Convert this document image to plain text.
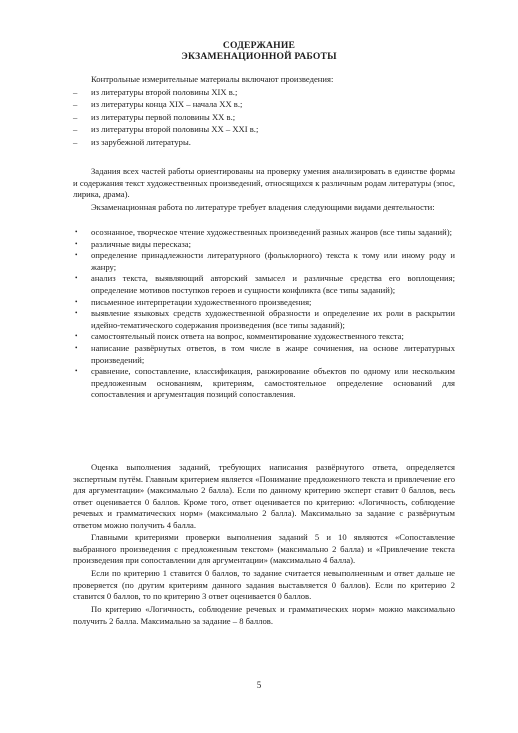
СОДЕРЖАНИЕ
ЭКЗАМЕНАЦИОННОЙ РАБОТЫ
Контрольные измерительные материалы включают произведения:
– из литературы второй половины XIX в.;
– из литературы конца XIX – начала XX в.;
– из литературы первой половины XX в.;
– из литературы второй половины XX – XXI в.;
– из зарубежной литературы.
Задания всех частей работы ориентированы на проверку умения анализировать в единстве формы и содержания текст художественных произведений, относящихся к различным родам литературы (эпос, лирика, драма).
Экзаменационная работа по литературе требует владения следующими видами деятельности:
• осознанное, творческое чтение художественных произведений разных жанров (все типы заданий);
• различные виды пересказа;
• определение принадлежности литературного (фольклорного) текста к тому или иному роду и жанру;
• анализ текста, выявляющий авторский замысел и различные средства его воплощения; определение мотивов поступков героев и сущности конфликта (все типы заданий);
• письменное интерпретации художественного произведения;
• выявление языковых средств художественной образности и определение их роли в раскрытии идейно-тематического содержания произведения (все типы заданий);
• самостоятельный поиск ответа на вопрос, комментирование художественного текста;
• написание развёрнутых ответов, в том числе в жанре сочинения, на основе литературных произведений;
• сравнение, сопоставление, классификация, ранжирование объектов по одному или нескольким предложенным основаниям, критериям, самостоятельное определение оснований для сопоставления и аргументация позиций сопоставления.
Оценка выполнения заданий, требующих написания развёрнутого ответа, определяется экспертным путём. Главным критерием является «Понимание предложенного текста и привлечение его для аргументации» (максимально 2 балла). Если по данному критерию эксперт ставит 0 баллов, весь ответ оценивается 0 баллов. Кроме того, ответ оценивается по критерию: «Логичность, соблюдение речевых и грамматических норм» (максимально 2 балла). Максимально за задание с развёрнутым ответом можно получить 4 балла.
Главными критериями проверки выполнения заданий 5 и 10 являются «Сопоставление выбранного произведения с предложенным текстом» (максимально 2 балла) и «Привлечение текста произведения при сопоставлении для аргументации» (максимально 4 балла).
Если по критерию 1 ставится 0 баллов, то задание считается невыполненным и ответ дальше не проверяется (по другим критериям данного задания выставляется 0 баллов). Если по критерию 2 ставится 0 баллов, то по критерию 3 ответ оценивается 0 баллов.
По критерию «Логичность, соблюдение речевых и грамматических норм» можно максимально получить 2 балла. Максимально за задание – 8 баллов.
5
